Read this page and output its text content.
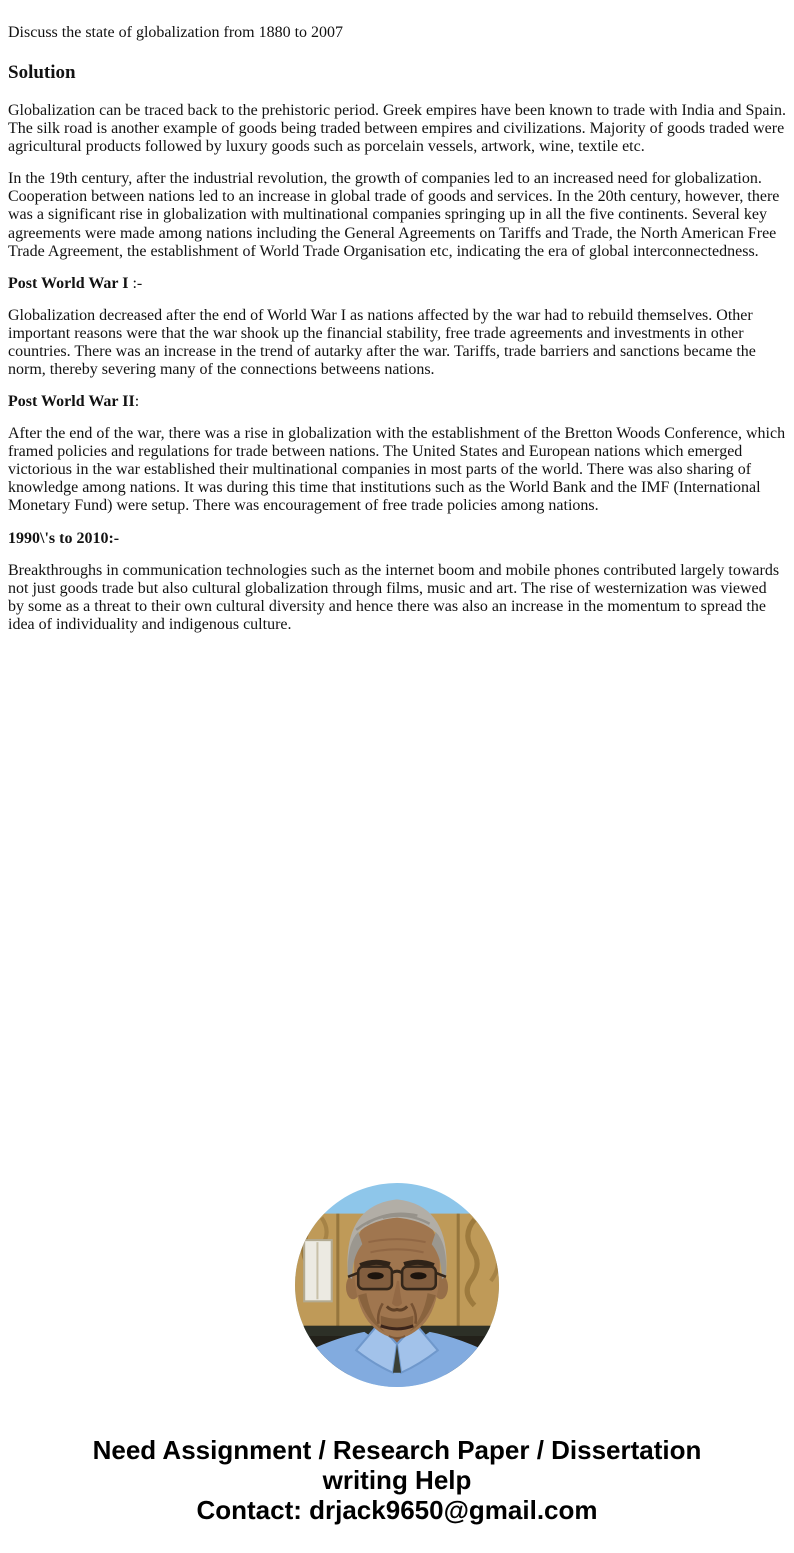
Discuss the state of globalization from 1880 to 2007

Solution

Globalization can be traced back to the prehistoric period. Greek empires have been known to trade with India and Spain. The silk road is another example of goods being traded between empires and civilizations. Majority of goods traded were agricultural products followed by luxury goods such as porcelain vessels, artwork, wine, textile etc.

In the 19th century, after the industrial revolution, the growth of companies led to an increased need for globalization. Cooperation between nations led to an increase in global trade of goods and services. In the 20th century, however, there was a significant rise in globalization with multinational companies springing up in all the five continents. Several key agreements were made among nations including the General Agreements on Tariffs and Trade, the North American Free Trade Agreement, the establishment of World Trade Organisation etc, indicating the era of global interconnectedness.

Post World War I :-

Globalization decreased after the end of World War I as nations affected by the war had to rebuild themselves. Other important reasons were that the war shook up the financial stability, free trade agreements and investments in other countries. There was an increase in the trend of autarky after the war. Tariffs, trade barriers and sanctions became the norm, thereby severing many of the connections betweens nations.

Post World War II:

After the end of the war, there was a rise in globalization with the establishment of the Bretton Woods Conference, which framed policies and regulations for trade between nations. The United States and European nations which emerged victorious in the war established their multinational companies in most parts of the world. There was also sharing of knowledge among nations. It was during this time that institutions such as the World Bank and the IMF (International Monetary Fund) were setup. There was encouragement of free trade policies among nations.

1990\'s to 2010:-

Breakthroughs in communication technologies such as the internet boom and mobile phones contributed largely towards not just goods trade but also cultural globalization through films, music and art. The rise of westernization was viewed by some as a threat to their own cultural diversity and hence there was also an increase in the momentum to spread the idea of individuality and indigenous culture.

Need Assignment / Research Paper / Dissertation
writing Help
Contact: drjack9650@gmail.com
